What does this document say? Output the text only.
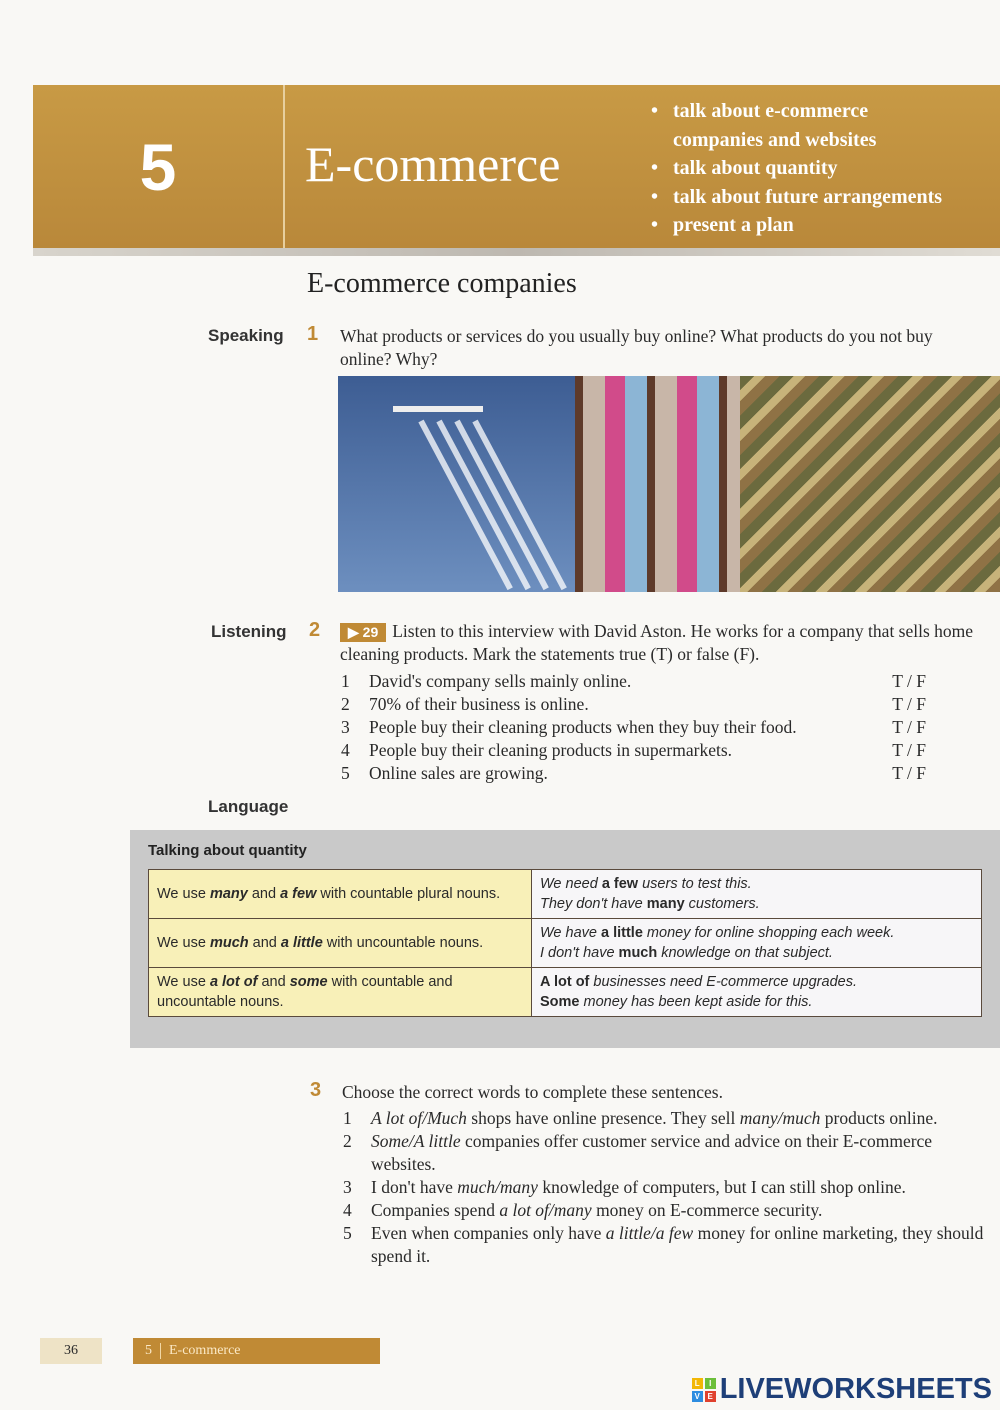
5	E-commerce
• talk about e-commerce
companies and websites
• talk about quantity
• talk about future arrangements
• present a plan
E-commerce companies
Speaking 1 What products or services do you usually buy online? What products do you not buy online? Why?
Listening 2	▶ 29 Listen to this interview with David Aston. He works for a company that sells home cleaning products. Mark the statements true (T) or false (F).
1	David's company sells mainly online.	T / F
2	70% of their business is online.	T / F
3	People buy their cleaning products when they buy their food.	T / F
4	People buy their cleaning products in supermarkets.	T / F
5	Online sales are growing.	T / F
Language
Talking about quantity
We use many and a few with countable plural nouns.	We need a few users to test this.
They don't have many customers.

We use much and a little with uncountable nouns.	We have a little money for online shopping each week.
I don't have much knowledge on that subject.

We use a lot of and some with countable and uncountable nouns.	A lot of businesses need E-commerce upgrades.
Some money has been kept aside for this.
3 Choose the correct words to complete these sentences.
1	A lot of/Much shops have online presence. They sell many/much products online.
2	Some/A little companies offer customer service and advice on their E-commerce websites.
3	I don't have much/many knowledge of computers, but I can still shop online.
4	Companies spend a lot of/many money on E-commerce security.
5	Even when companies only have a little/a few money for online marketing, they should spend it.
36	5	E-commerce
L	I
V E LIVEWORKSHEETS
